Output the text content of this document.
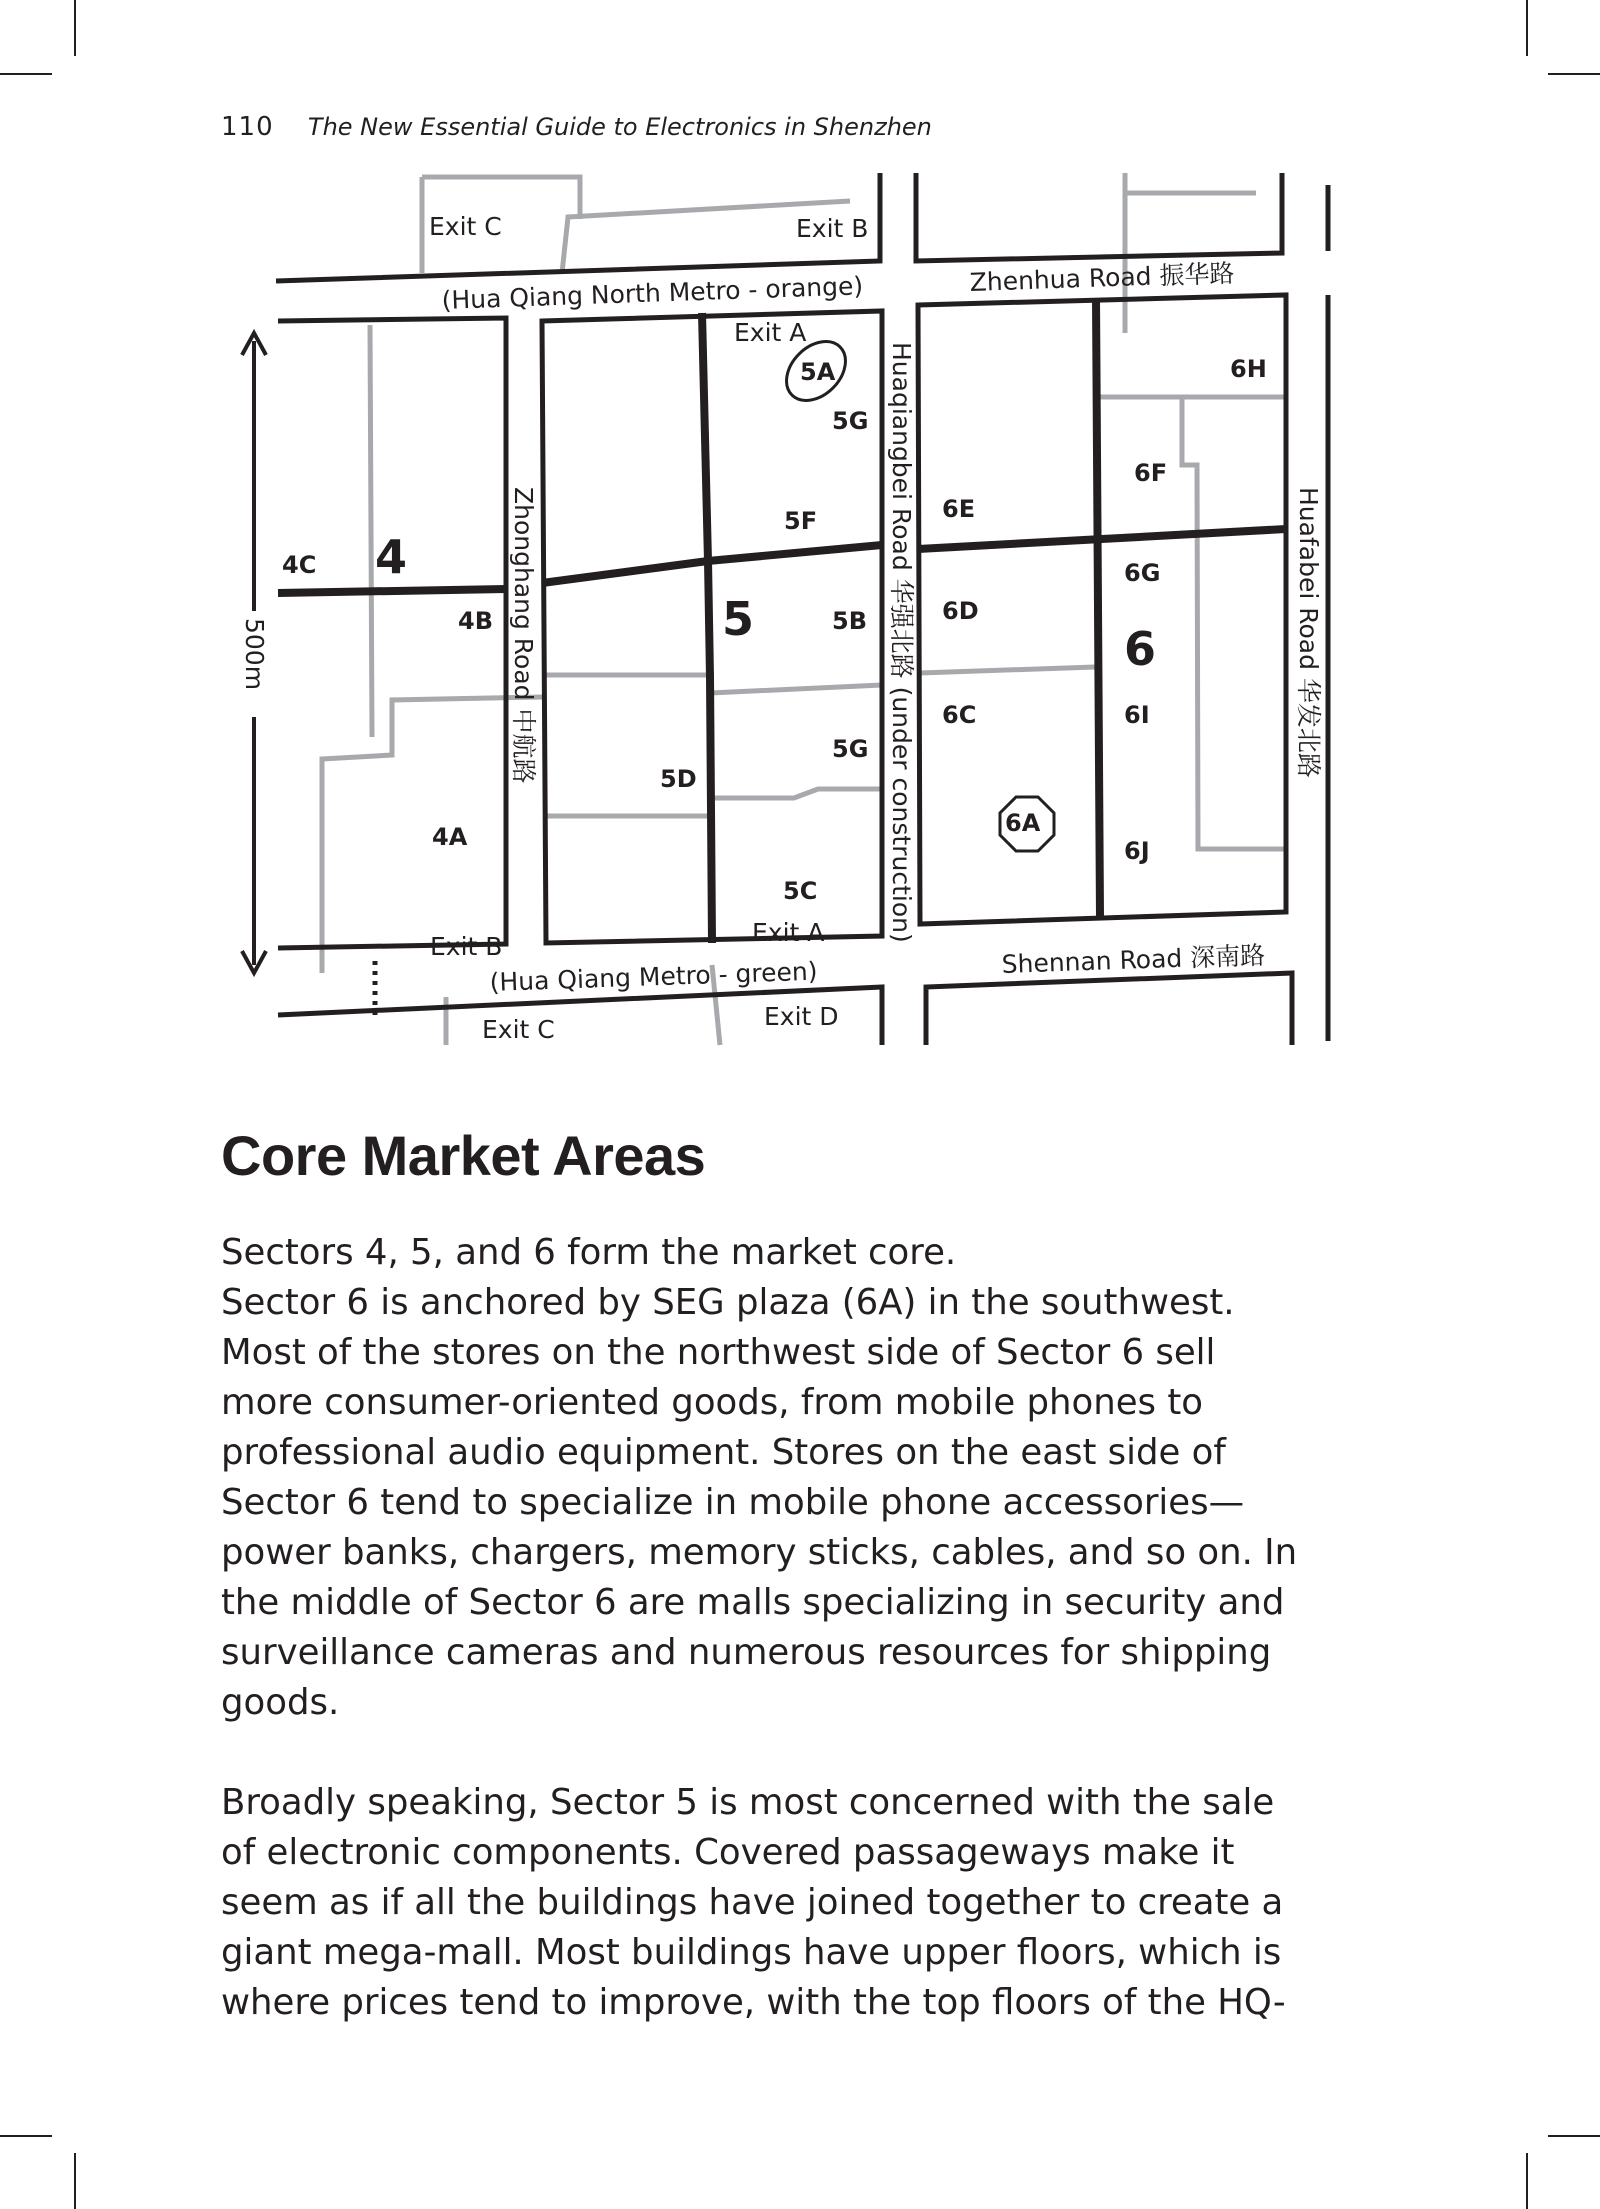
110 The New Essential Guide to Electronics in Shenzhen
500m
Exit C	Exit B
Exit A
Exit B	Exit A
Exit C	Exit D
(Hua Qiang North Metro - orange)	Zhenhua Road 振华路
Zhonghang Road 中航路	Huaqiangbei Road 华强北路 (under construction)	Huafabei Road 华发北路
(Hua Qiang Metro - green)	Shennan Road 深南路
4
5
6
4C
4B
4A
5A
5G
5F
5B
5G
5D
5C
6E
6D
6C
6A
6H
6F
6G
6I
6J
Core Market Areas
Sectors 4, 5, and 6 form the market core.
Sector 6 is anchored by SEG plaza (6A) in the southwest.
Most of the stores on the northwest side of Sector 6 sell
more consumer-oriented goods, from mobile phones to
professional audio equipment. Stores on the east side of
Sector 6 tend to specialize in mobile phone accessories—
power banks, chargers, memory sticks, cables, and so on. In
the middle of Sector 6 are malls specializing in security and
surveillance cameras and numerous resources for shipping
goods.
Broadly speaking, Sector 5 is most concerned with the sale
of electronic components. Covered passageways make it
seem as if all the buildings have joined together to create a
giant mega-mall. Most buildings have upper floors, which is
where prices tend to improve, with the top floors of the HQ-
